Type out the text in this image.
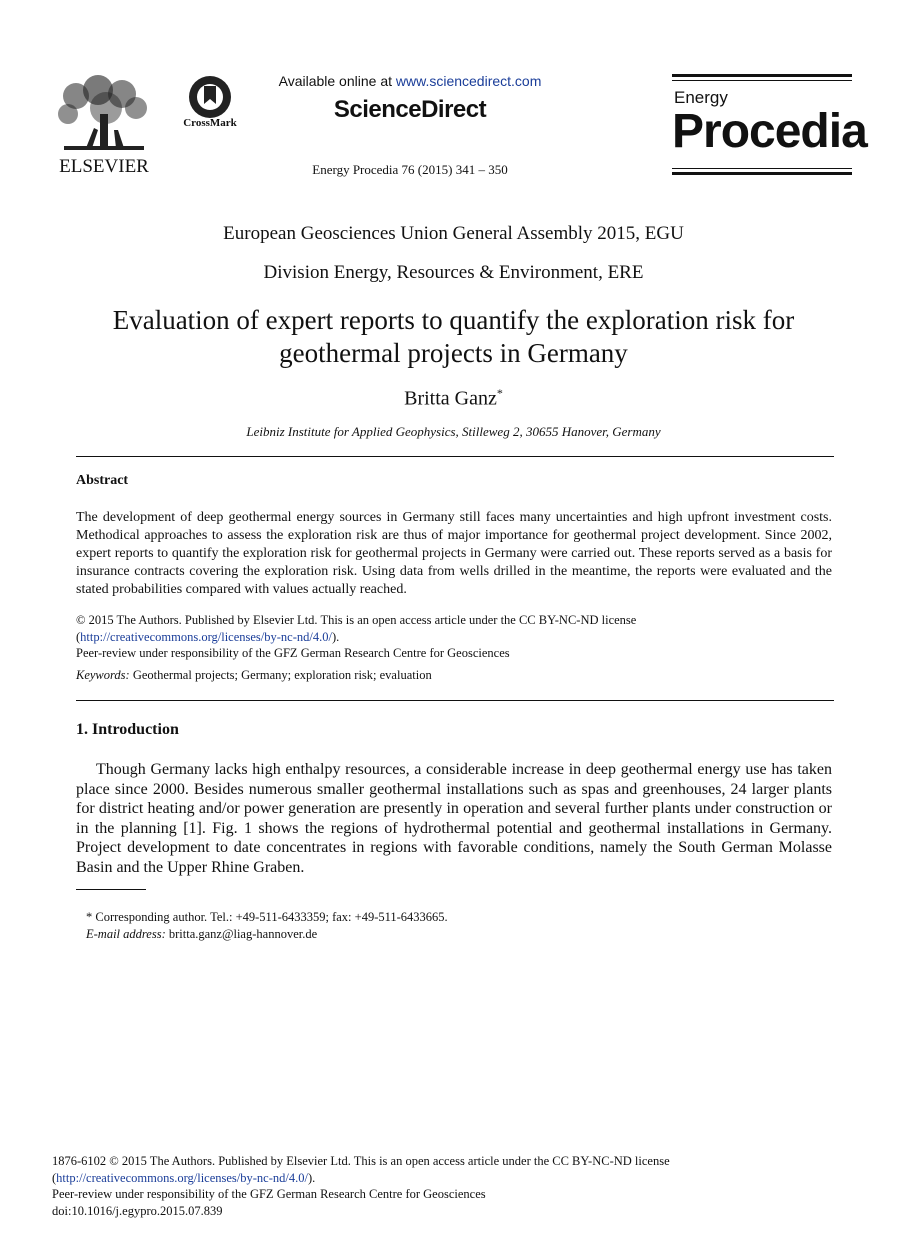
ELSEVIER
CrossMark
Available online at www.sciencedirect.com
ScienceDirect
Energy Procedia 76 (2015) 341 – 350
Energy
Procedia
European Geosciences Union General Assembly 2015, EGU
Division Energy, Resources & Environment, ERE
Evaluation of expert reports to quantify the exploration risk for
geothermal projects in Germany
Britta Ganz*
Leibniz Institute for Applied Geophysics, Stilleweg 2, 30655 Hanover, Germany
Abstract
The development of deep geothermal energy sources in Germany still faces many uncertainties and high upfront investment costs. Methodical approaches to assess the exploration risk are thus of major importance for geothermal project development. Since 2002, expert reports to quantify the exploration risk for geothermal projects in Germany were carried out. These reports served as a basis for insurance contracts covering the exploration risk. Using data from wells drilled in the meantime, the reports were evaluated and the stated probabilities compared with values actually reached.
© 2015 The Authors. Published by Elsevier Ltd. This is an open access article under the CC BY-NC-ND license
(http://creativecommons.org/licenses/by-nc-nd/4.0/).
Peer-review under responsibility of the GFZ German Research Centre for Geosciences
Keywords: Geothermal projects; Germany; exploration risk; evaluation
1. Introduction
Though Germany lacks high enthalpy resources, a considerable increase in deep geothermal energy use has taken place since 2000. Besides numerous smaller geothermal installations such as spas and greenhouses, 24 larger plants for district heating and/or power generation are presently in operation and several further plants under construction or in the planning [1]. Fig. 1 shows the regions of hydrothermal potential and geothermal installations in Germany. Project development to date concentrates in regions with favorable conditions, namely the South German Molasse Basin and the Upper Rhine Graben.
* Corresponding author. Tel.: +49-511-6433359; fax: +49-511-6433665.
E-mail address: britta.ganz@liag-hannover.de
1876-6102 © 2015 The Authors. Published by Elsevier Ltd. This is an open access article under the CC BY-NC-ND license
(http://creativecommons.org/licenses/by-nc-nd/4.0/).
Peer-review under responsibility of the GFZ German Research Centre for Geosciences
doi:10.1016/j.egypro.2015.07.839
